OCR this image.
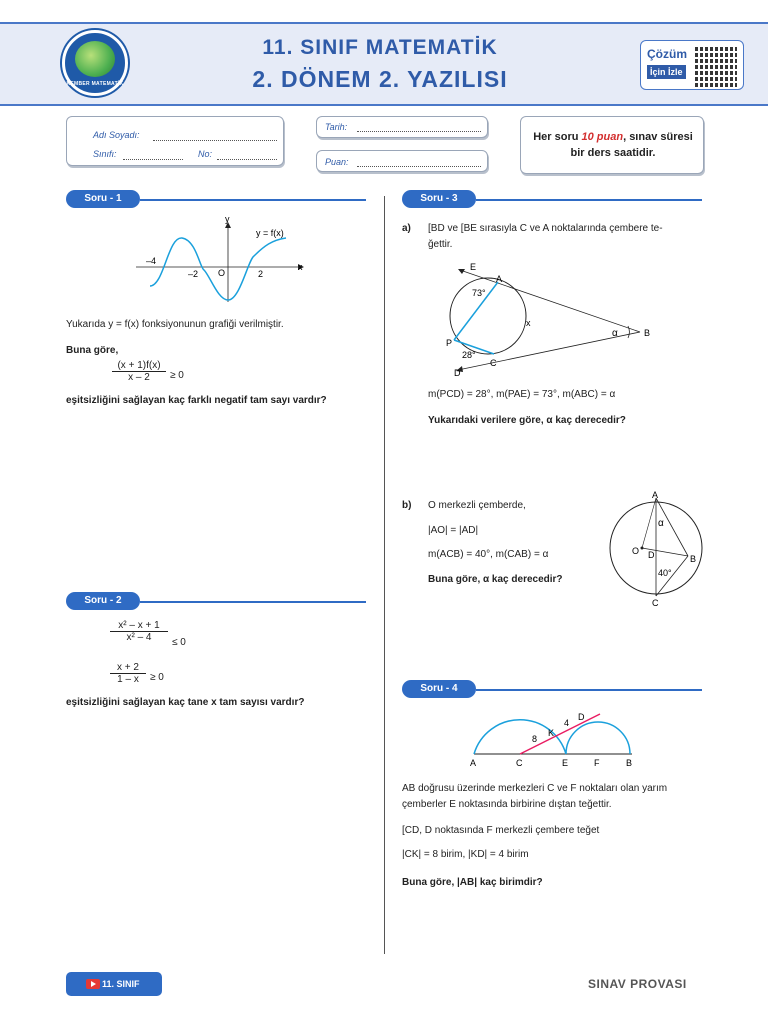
KEMBER MATEMATİK
11. SINIF MATEMATİK
2. DÖNEM 2. YAZILISI
Çözüm
İçin İzle
Adı Soyadı:
Sınıfı:	No:
Tarih:
Puan:
Her soru 10 puan, sınav süresi
bir ders saatidir.
Soru - 1
y
x
y = f(x)
–4
–2 O	2
Yukarıda y = f(x) fonksiyonunun grafiği verilmiştir.
Buna göre,
$\frac{(x + 1)f(x)}{x - 2} \ge 0$
eşitsizliğini sağlayan kaç farklı negatif tam sayı vardır?
Soru - 2
$\frac{\text{x² – x + 1}}{\text{x² – 4}} \le 0$
$\frac{x + 2}{1 - x} \ge 0$
eşitsizliğini sağlayan kaç tane x tam sayısı vardır?
Soru - 3
a) [BD ve [BE sırasıyla C ve A noktalarında çembere te-
ğettir.
E
A
73°
x
α	B
P
28°
C
D
m(PCD) = 28°, m(PAE) = 73°, m(ABC) = α
Yukarıdaki verilere göre, α kaç derecedir?
b) O merkezli çemberde,
|AO| = |AD|
m(ACB) = 40°, m(CAB) = α
Buna göre, α kaç derecedir?
A
α
O D	B
40°
C
Soru - 4
A	C	E	F	B
K
D
8
4
AB doğrusu üzerinde merkezleri C ve F noktaları olan yarım
çemberler E noktasında birbirine dıştan teğettir.
[CD, D noktasında F merkezli çembere teğet
|CK| = 8 birim, |KD| = 4 birim
Buna göre, |AB| kaç birimdir?
11. SINIF	SINAV PROVASI
